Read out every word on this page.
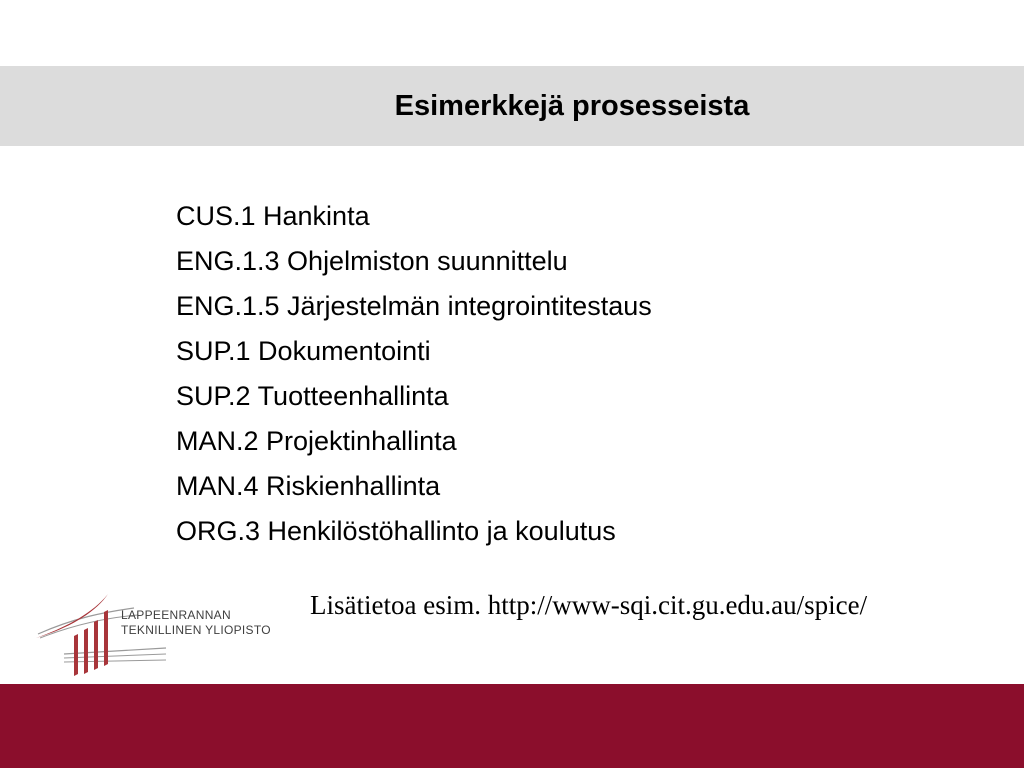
Esimerkkejä prosesseista
CUS.1 Hankinta
ENG.1.3 Ohjelmiston suunnittelu
ENG.1.5 Järjestelmän integrointitestaus
SUP.1 Dokumentointi
SUP.2 Tuotteenhallinta
MAN.2 Projektinhallinta
MAN.4 Riskienhallinta
ORG.3 Henkilöstöhallinto ja koulutus
LAPPEENRANNAN
TEKNILLINEN YLIOPISTO
Lisätietoa esim. http://www-sqi.cit.gu.edu.au/spice/
